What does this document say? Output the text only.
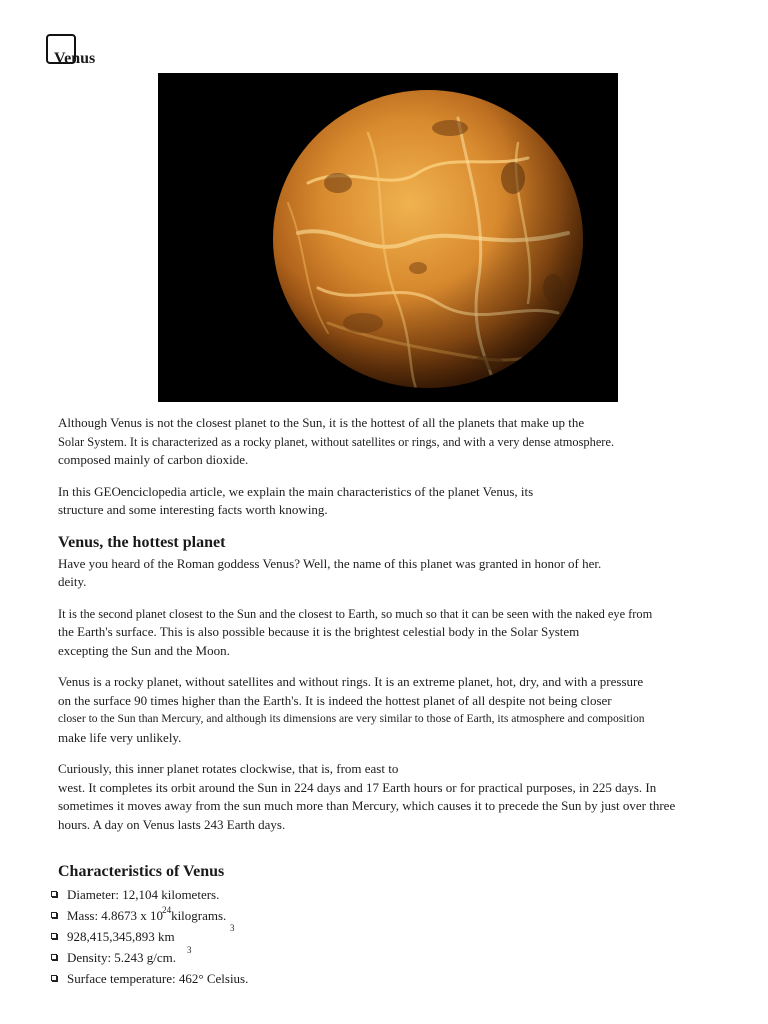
Venus

Although Venus is not the closest planet to the Sun, it is the hottest of all the planets that make up the
Solar System. It is characterized as a rocky planet, without satellites or rings, and with a very dense atmosphere.
composed mainly of carbon dioxide.

In this GEOenciclopedia article, we explain the main characteristics of the planet Venus, its
structure and some interesting facts worth knowing.

Venus, the hottest planet

Have you heard of the Roman goddess Venus? Well, the name of this planet was granted in honor of her.
deity.

It is the second planet closest to the Sun and the closest to Earth, so much so that it can be seen with the naked eye from
the Earth's surface. This is also possible because it is the brightest celestial body in the Solar System
excepting the Sun and the Moon.

Venus is a rocky planet, without satellites and without rings. It is an extreme planet, hot, dry, and with a pressure
on the surface 90 times higher than the Earth's. It is indeed the hottest planet of all despite not being closer
closer to the Sun than Mercury, and although its dimensions are very similar to those of Earth, its atmosphere and composition
make life very unlikely.

Curiously, this inner planet rotates clockwise, that is, from east to
west. It completes its orbit around the Sun in 224 days and 17 Earth hours or for practical purposes, in 225 days. In
sometimes it moves away from the sun much more than Mercury, which causes it to precede the Sun by just over three
hours. A day on Venus lasts 243 Earth days.

Characteristics of Venus
Diameter: 12,104 kilometers.
Mass: 4.8673 x $10^{24}kilograms$.
928,415,345,893 km
3
Density: 5.243 g/cm. 3
Surface temperature: 462° Celsius.
